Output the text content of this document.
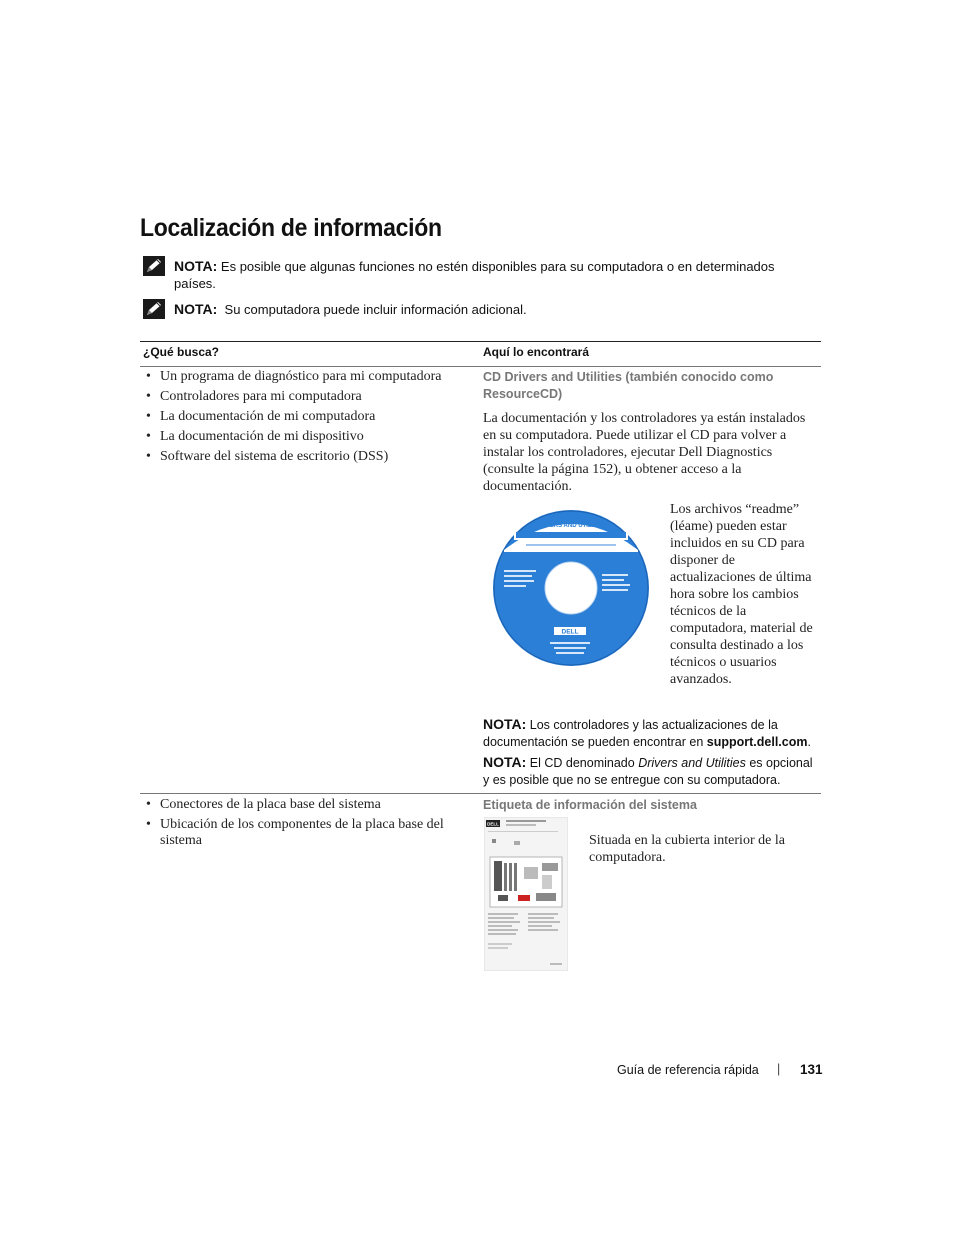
Localización de información
NOTA: Es posible que algunas funciones no estén disponibles para su computadora o en determinados
países.
NOTA: Su computadora puede incluir información adicional.
¿Qué busca?	Aquí lo encontrará
• Un programa de diagnóstico para mi computadora
• Controladores para mi computadora
• La documentación de mi computadora
• La documentación de mi dispositivo
• Software del sistema de escritorio (DSS)
CD Drivers and Utilities (también conocido como ResourceCD)
La documentación y los controladores ya están instalados en su computadora. Puede utilizar el CD para volver a instalar los controladores, ejecutar Dell Diagnostics (consulte la página 152), u obtener acceso a la documentación.
DRIVERS AND UTILITIES
DELL
Los archivos “readme” (léame) pueden estar incluidos en su CD para disponer de actualizaciones de última hora sobre los cambios técnicos de la computadora, material de consulta destinado a los técnicos o usuarios avanzados.
NOTA: Los controladores y las actualizaciones de la documentación se pueden encontrar en support.dell.com.
NOTA: El CD denominado Drivers and Utilities es opcional y es posible que no se entregue con su computadora.
• Conectores de la placa base del sistema
• Ubicación de los componentes de la placa base del sistema
Etiqueta de información del sistema
DELL
Situada en la cubierta interior de la computadora.
Guía de referencia rápida | 131
